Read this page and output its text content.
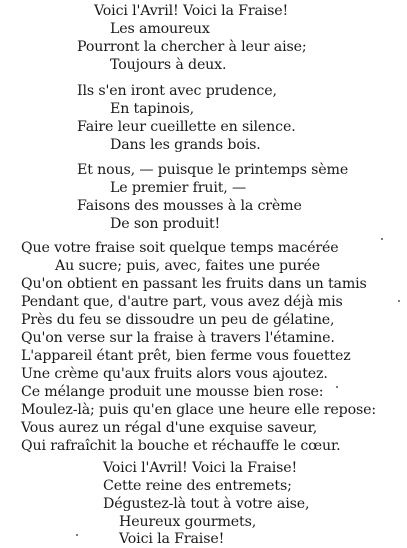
Voici l'Avril! Voici la Fraise!
Les amoureux
Pourront la chercher à leur aise;
Toujours à deux.
Ils s'en iront avec prudence,
En tapinois,
Faire leur cueillette en silence.
Dans les grands bois.
Et nous, — puisque le printemps sème
Le premier fruit, —
Faisons des mousses à la crème
De son produit!
Que votre fraise soit quelque temps macérée
Au sucre; puis, avec, faites une purée
Qu'on obtient en passant les fruits dans un tamis
Pendant que, d'autre part, vous avez déjà mis
Près du feu se dissoudre un peu de gélatine,
Qu'on verse sur la fraise à travers l'étamine.
L'appareil étant prêt, bien ferme vous fouettez
Une crème qu'aux fruits alors vous ajoutez.
Ce mélange produit une mousse bien rose:
Moulez-là; puis qu'en glace une heure elle repose:
Vous aurez un régal d'une exquise saveur,
Qui rafraîchit la bouche et réchauffe le cœur.
Voici l'Avril! Voici la Fraise!
Cette reine des entremets;
Dégustez-là tout à votre aise,
Heureux gourmets,
Voici la Fraise!
